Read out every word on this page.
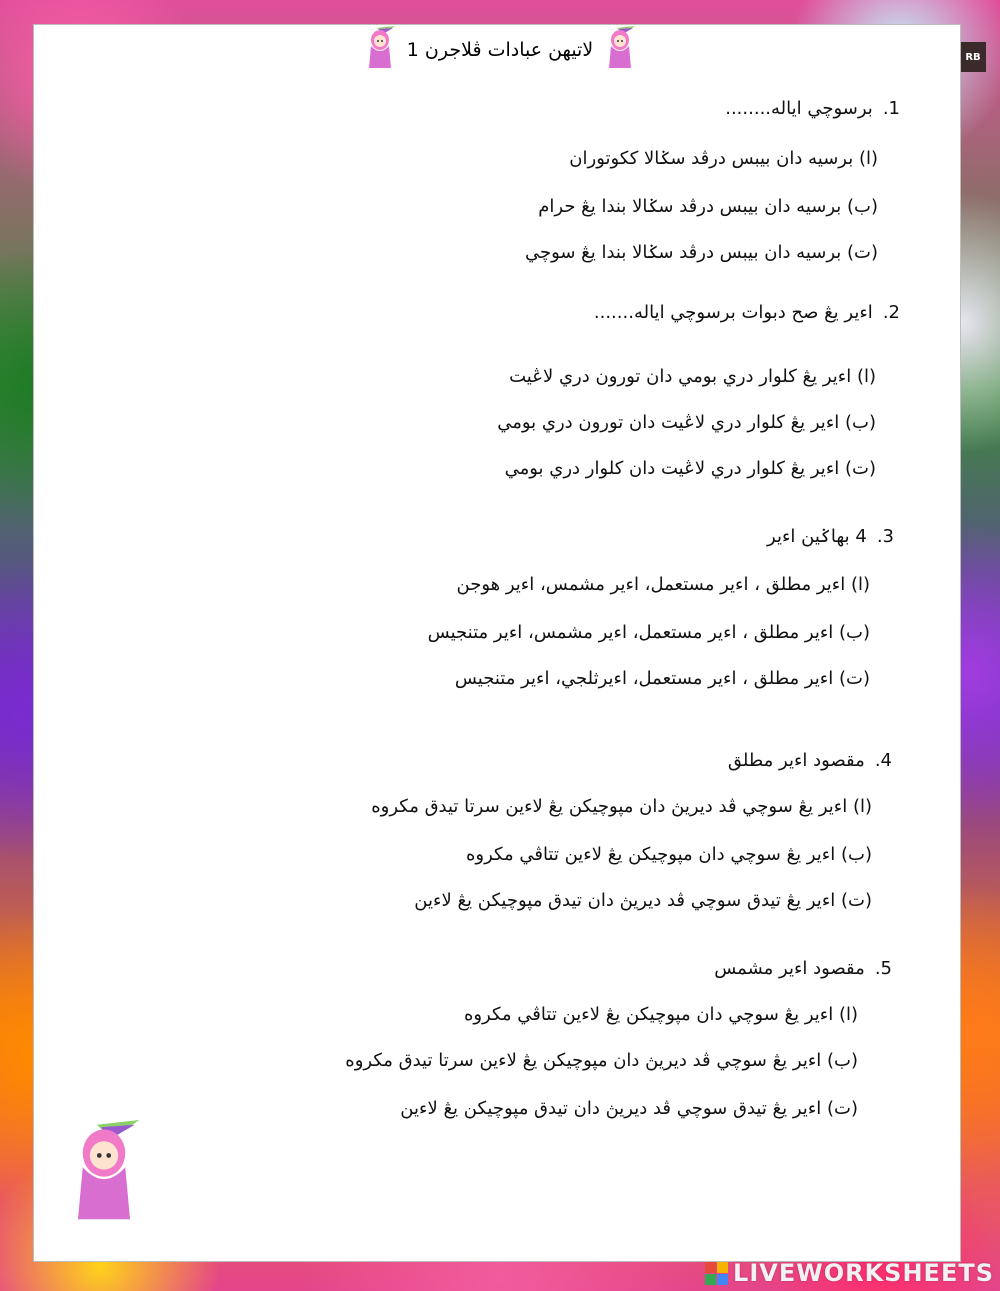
RB
لاتيهن عبادات ڤلاجرن 1
1.برسوچي اياله........
(ا) برسيه دان بيبس درڤد سݢالا ككوتوران
(ب) برسيه دان بيبس درڤد سݢالا بندا يڠ حرام
(ت) برسيه دان بيبس درڤد سݢالا بندا يڠ سوچي
2.اءير يڠ صح دبوات برسوچي اياله.......
(ا) اءير يڠ كلوار دري بومي دان تورون دري لاڠيت
(ب) اءير يڠ كلوار دري لاڠيت دان تورون دري بومي
(ت) اءير يڠ كلوار دري لاڠيت دان كلوار دري بومي
3.4 بهاݢين اءير
(ا) اءير مطلق ، اءير مستعمل، اءير مشمس، اءير هوجن
(ب) اءير مطلق ، اءير مستعمل، اءير مشمس، اءير متنجيس
(ت) اءير مطلق ، اءير مستعمل، اءيرثلجي، اءير متنجيس
4.مقصود اءير مطلق
(ا) اءير يڠ سوچي ڤد ديريڽ دان مپوچيكن يڠ لاءين سرتا تيدق مكروه
(ب) اءير يڠ سوچي دان مپوچيكن يڠ لاءين تتاڤي مكروه
(ت) اءير يڠ تيدق سوچي ڤد ديريڽ دان تيدق مپوچيكن يڠ لاءين
5.مقصود اءير مشمس
(ا) اءير يڠ سوچي دان مپوچيكن يڠ لاءين تتاڤي مكروه
(ب) اءير يڠ سوچي ڤد ديريڽ دان مپوچيكن يڠ لاءين سرتا تيدق مكروه
(ت) اءير يڠ تيدق سوچي ڤد ديريڽ دان تيدق مپوچيكن يڠ لاءين
LIVEWORKSHEETS
